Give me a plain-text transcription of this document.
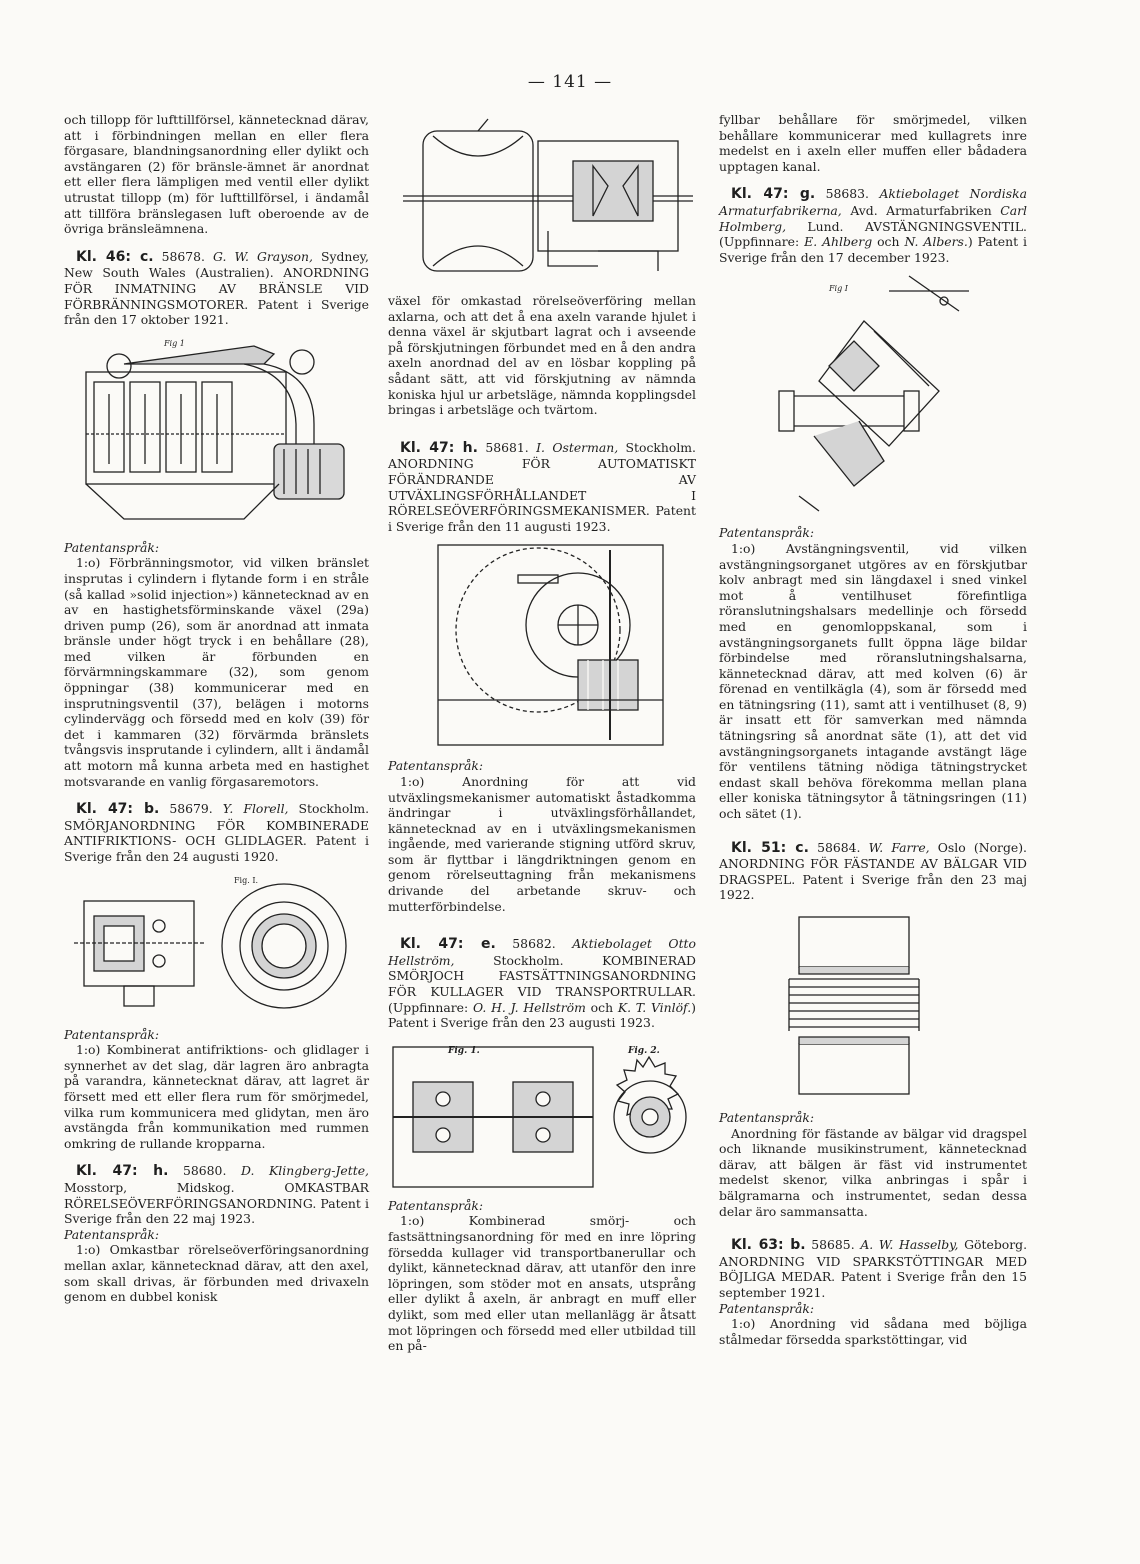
— 141 —

och tillopp för lufttillförsel, kännetecknad därav, att i förbindningen mellan en eller flera förgasare, blandningsanordning eller dylikt och avstängaren (2) för bränsle-ämnet är anordnat ett eller flera lämpligen med ventil eller dylikt utrustat tillopp (m) för lufttillförsel, i ändamål att tillföra bränslegasen luft oberoende av de övriga bränsleämnena.

Kl. 46: c. 58678. G. W. Grayson, Sydney, New South Wales (Australien). ANORDNING FÖR INMATNING AV BRÄNSLE VID FÖRBRÄNNINGSMOTORER. Patent i Sverige från den 17 oktober 1921.

Fig 1

Patentanspråk:

1:o) Förbränningsmotor, vid vilken bränslet insprutas i cylindern i flytande form i en stråle (så kallad »solid injection») kännetecknad av en av en hastighetsförminskande växel (29a) driven pump (26), som är anordnad att inmata bränsle under högt tryck i en behållare (28), med vilken är förbunden en förvärmningskammare (32), som genom öppningar (38) kommunicerar med en insprutningsventil (37), belägen i motorns cylindervägg och försedd med en kolv (39) för det i kammaren (32) förvärmda bränslets tvångsvis insprutande i cylindern, allt i ändamål att motorn må kunna arbeta med en hastighet motsvarande en vanlig förgasaremotors.

Kl. 47: b. 58679. Y. Florell, Stockholm. SMÖRJANORDNING FÖR KOMBINERADE ANTIFRIKTIONS- OCH GLIDLAGER. Patent i Sverige från den 24 augusti 1920.

Fig. I.

Patentanspråk:

1:o) Kombinerat antifriktions- och glidlager i synnerhet av det slag, där lagren äro anbragta på varandra, kännetecknat därav, att lagret är försett med ett eller flera rum för smörjmedel, vilka rum kommunicera med glidytan, men äro avstängda från kommunikation med rummen omkring de rullande kropparna.

Kl. 47: h. 58680. D. Klingberg-Jette, Mosstorp, Midskog. OMKASTBAR RÖRELSEÖVERFÖRINGSANORDNING. Patent i Sverige från den 22 maj 1923.

Patentanspråk:

1:o) Omkastbar rörelseöverföringsanordning mellan axlar, kännetecknad därav, att den axel, som skall drivas, är förbunden med drivaxeln genom en dubbel konisk

växel för omkastad rörelseöverföring mellan axlarna, och att det å ena axeln varande hjulet i denna växel är skjutbart lagrat och i avseende på förskjutningen förbundet med en å den andra axeln anordnad del av en lösbar koppling på sådant sätt, att vid förskjutning av nämnda koniska hjul ur arbetsläge, nämnda kopplingsdel bringas i arbetsläge och tvärtom.

Kl. 47: h. 58681. I. Osterman, Stockholm. ANORDNING FÖR AUTOMATISKT FÖRÄNDRANDE AV UTVÄXLINGSFÖRHÅLLANDET I RÖRELSEÖVERFÖRINGSMEKANISMER. Patent i Sverige från den 11 augusti 1923.

Patentanspråk:

1:o) Anordning för att vid utväxlingsmekanismer automatiskt åstadkomma ändringar i utväxlingsförhållandet, kännetecknad av en i utväxlingsmekanismen ingående, med varierande stigning utförd skruv, som är flyttbar i längdriktningen genom en genom rörelseuttagning från mekanismens drivande del arbetande skruv- och mutterförbindelse.

Kl. 47: e. 58682. Aktiebolaget Otto Hellström, Stockholm. KOMBINERAD SMÖRJOCH FASTSÄTTNINGSANORDNING FÖR KULLAGER VID TRANSPORTRULLAR. (Uppfinnare: O. H. J. Hellström och K. T. Vinlöf.) Patent i Sverige från den 23 augusti 1923.

Fig. 1.	Fig. 2.

Patentanspråk:

1:o) Kombinerad smörj- och fastsättningsanordning för med en inre löpring försedda kullager vid transportbanerullar och dylikt, kännetecknad därav, att utanför den inre löpringen, som stöder mot en ansats, utsprång eller dylikt å axeln, är anbragt en muff eller dylikt, som med eller utan mellanlägg är åtsatt mot löpringen och försedd med eller utbildad till en på-

fyllbar behållare för smörjmedel, vilken behållare kommunicerar med kullagrets inre medelst en i axeln eller muffen eller bådadera upptagen kanal.

Kl. 47: g. 58683. Aktiebolaget Nordiska Armaturfabrikerna, Avd. Armaturfabriken Carl Holmberg, Lund. AVSTÄNGNINGSVENTIL. (Uppfinnare: E. Ahlberg och N. Albers.) Patent i Sverige från den 17 december 1923.

Fig I

Patentanspråk:

1:o) Avstängningsventil, vid vilken avstängningsorganet utgöres av en förskjutbar kolv anbragt med sin längdaxel i sned vinkel mot å ventilhuset förefintliga röranslutningshalsars medellinje och försedd med en genomloppskanal, som i avstängningsorganets fullt öppna läge bildar förbindelse med röranslutningshalsarna, kännetecknad därav, att med kolven (6) är förenad en ventilkägla (4), som är försedd med en tätningsring (11), samt att i ventilhuset (8, 9) är insatt ett för samverkan med nämnda tätningsring så anordnat säte (1), att det vid avstängningsorganets intagande avstängt läge för ventilens tätning nödiga tätningstrycket endast skall behöva förekomma mellan plana eller koniska tätningsytor å tätningsringen (11) och sätet (1).

Kl. 51: c. 58684. W. Farre, Oslo (Norge). ANORDNING FÖR FÄSTANDE AV BÄLGAR VID DRAGSPEL. Patent i Sverige från den 23 maj 1922.

Patentanspråk:

Anordning för fästande av bälgar vid dragspel och liknande musikinstrument, kännetecknad därav, att bälgen är fäst vid instrumentet medelst skenor, vilka anbringas i spår i bälgramarna och instrumentet, sedan dessa delar äro sammansatta.

Kl. 63: b. 58685. A. W. Hasselby, Göteborg. ANORDNING VID SPARKSTÖTTINGAR MED BÖJLIGA MEDAR. Patent i Sverige från den 15 september 1921.

Patentanspråk:

1:o) Anordning vid sådana med böjliga stålmedar försedda sparkstöttingar, vid
